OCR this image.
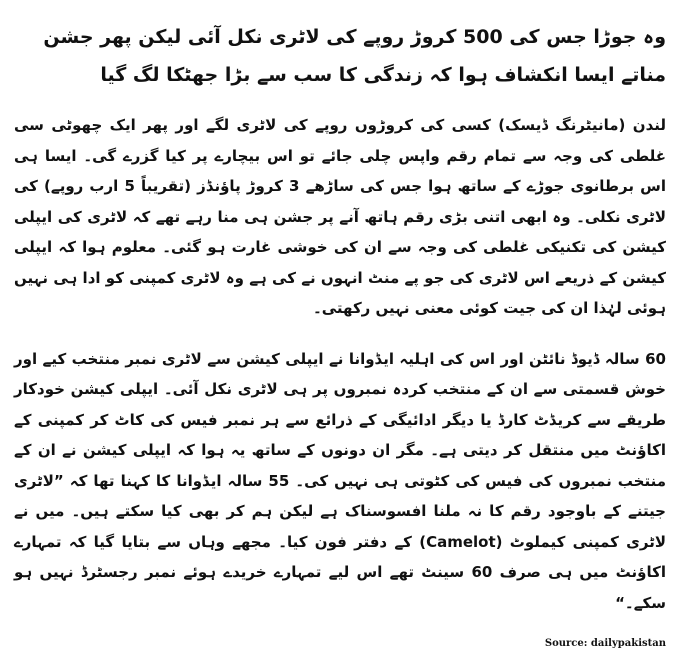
وہ جوڑا جس کی 500 کروڑ روپے کی لاٹری نکل آئی لیکن پھر جشن مناتے ایسا انکشاف ہوا کہ زندگی کا سب سے بڑا جھٹکا لگ گیا

لندن (مانیٹرنگ ڈیسک) کسی کی کروڑوں روپے کی لاٹری لگے اور پھر ایک چھوٹی سی غلطی کی وجہ سے تمام رقم واپس چلی جائے تو اس بیچارے پر کیا گزرے گی۔ ایسا ہی اس برطانوی جوڑے کے ساتھ ہوا جس کی ساڑھے 3 کروڑ پاؤنڈز (تقریباً 5 ارب روپے) کی لاٹری نکلی۔ وہ ابھی اتنی بڑی رقم ہاتھ آنے پر جشن ہی منا رہے تھے کہ لاٹری کی ایپلی کیشن کی تکنیکی غلطی کی وجہ سے ان کی خوشی غارت ہو گئی۔ معلوم ہوا کہ ایپلی کیشن کے ذریعے اس لاٹری کی جو پے منٹ انہوں نے کی ہے وہ لاٹری کمپنی کو ادا ہی نہیں ہوئی لہٰذا ان کی جیت کوئی معنی نہیں رکھتی۔

60 سالہ ڈیوڈ نائٹن اور اس کی اہلیہ ایڈوانا نے ایپلی کیشن سے لاٹری نمبر منتخب کیے اور خوش قسمتی سے ان کے منتخب کردہ نمبروں پر ہی لاٹری نکل آئی۔ ایپلی کیشن خودکار طریقے سے کریڈٹ کارڈ یا دیگر ادائیگی کے ذرائع سے ہر نمبر فیس کی کاٹ کر کمپنی کے اکاؤنٹ میں منتقل کر دیتی ہے۔ مگر ان دونوں کے ساتھ یہ ہوا کہ ایپلی کیشن نے ان کے منتخب نمبروں کی فیس کی کٹوتی ہی نہیں کی۔ 55 سالہ ایڈوانا کا کہنا تھا کہ ”لاٹری جیتنے کے باوجود رقم کا نہ ملنا افسوسناک ہے لیکن ہم کر بھی کیا سکتے ہیں۔ میں نے لاٹری کمپنی کیملوٹ (Camelot) کے دفتر فون کیا۔ مجھے وہاں سے بتایا گیا کہ تمہارے اکاؤنٹ میں ہی صرف 60 سینٹ تھے اس لیے تمہارے خریدے ہوئے نمبر رجسٹرڈ نہیں ہو سکے۔“

Source: dailypakistan
